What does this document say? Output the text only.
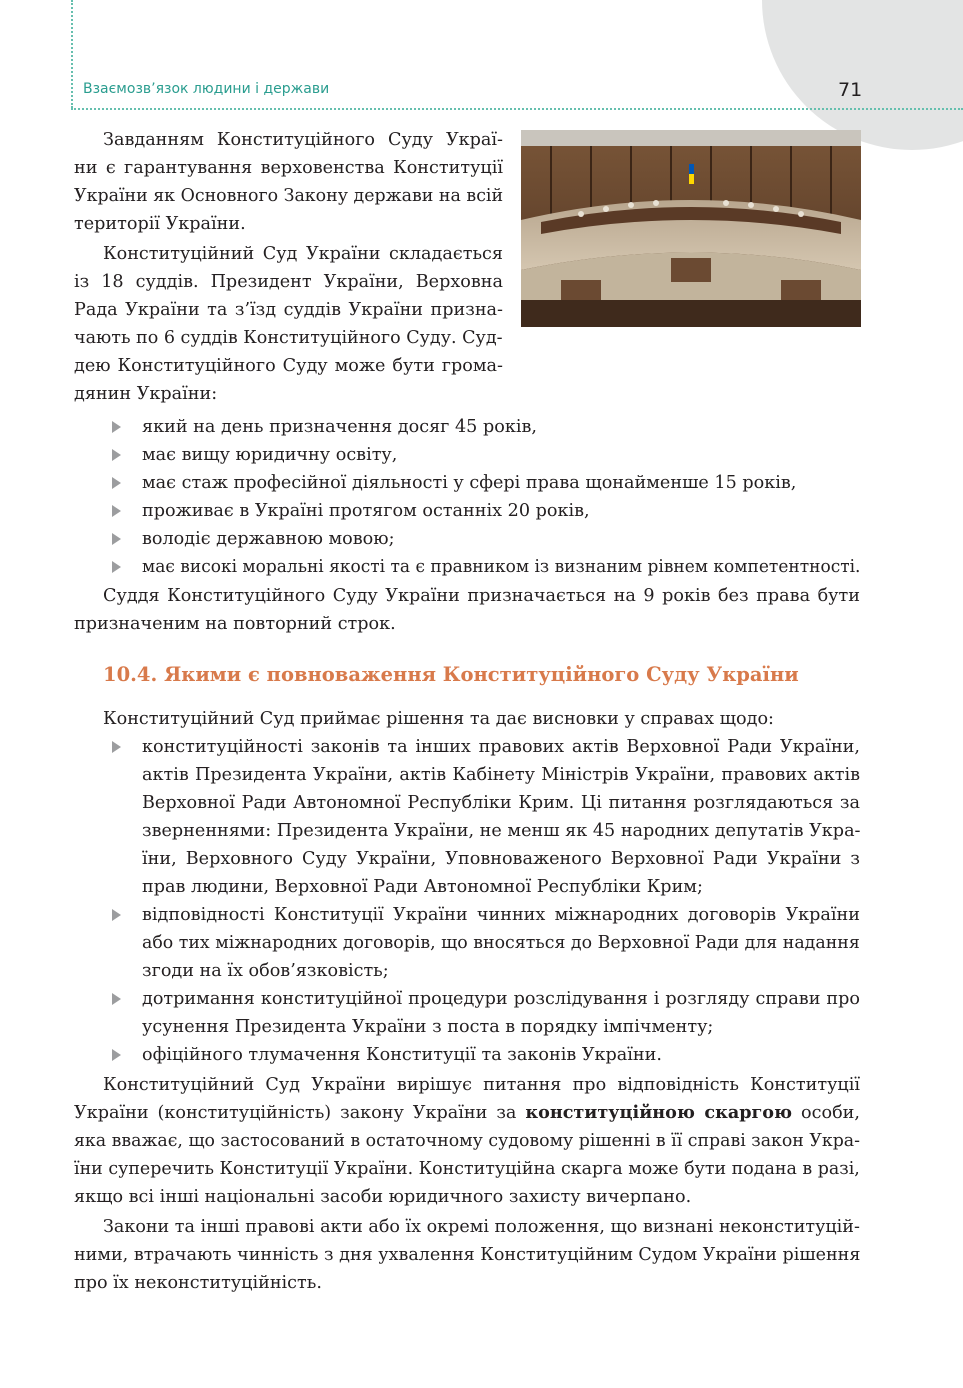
Взаємозв’язок людини і держави	71

Завданням Конституційного Суду Украї-

ни є гарантування верховенства Конституції

України як Основного Закону держави на всій

території України.

Конституційний Суд України складається

із 18 суддів. Президент України, Верховна

Рада України та з’їзд суддів України призна-

чають по 6 суддів Конституційного Суду. Суд-

дею Конституційного Суду може бути грома-

дянин України:

який на день призначення досяг 45 років,

має вищу юридичну освіту,

має стаж професійної діяльності у сфері права щонайменше 15 років,

проживає в Україні протягом останніх 20 років,

володіє державною мовою;

має високі моральні якості та є правником із визнаним рівнем компетентності.

Суддя Конституційного Суду України призначається на 9 років без права бути

призначеним на повторний строк.

10.4. Якими є повноваження Конституційного Суду України

Конституційний Суд приймає рішення та дає висновки у справах щодо:

конституційності законів та інших правових актів Верховної Ради України,

актів Президента України, актів Кабінету Міністрів України, правових актів

Верховної Ради Автономної Республіки Крим. Ці питання розглядаються за

зверненнями: Президента України, не менш як 45 народних депутатів Укра-

їни, Верховного Суду України, Уповноваженого Верховної Ради України з

прав людини, Верховної Ради Автономної Республіки Крим;

відповідності Конституції України чинних міжнародних договорів України

або тих міжнародних договорів, що вносяться до Верховної Ради для надання

згоди на їх обов’язковість;

дотримання конституційної процедури розслідування і розгляду справи про

усунення Президента України з поста в порядку імпічменту;

офіційного тлумачення Конституції та законів України.

Конституційний Суд України вирішує питання про відповідність Конституції

України (конституційність) закону України за конституційною скаргою особи,

яка вважає, що застосований в остаточному судовому рішенні в її справі закон Укра-

їни суперечить Конституції України. Конституційна скарга може бути подана в разі,

якщо всі інші національні засоби юридичного захисту вичерпано.

Закони та інші правові акти або їх окремі положення, що визнані неконституцій-

ними, втрачають чинність з дня ухвалення Конституційним Судом України рішення

про їх неконституційність.
